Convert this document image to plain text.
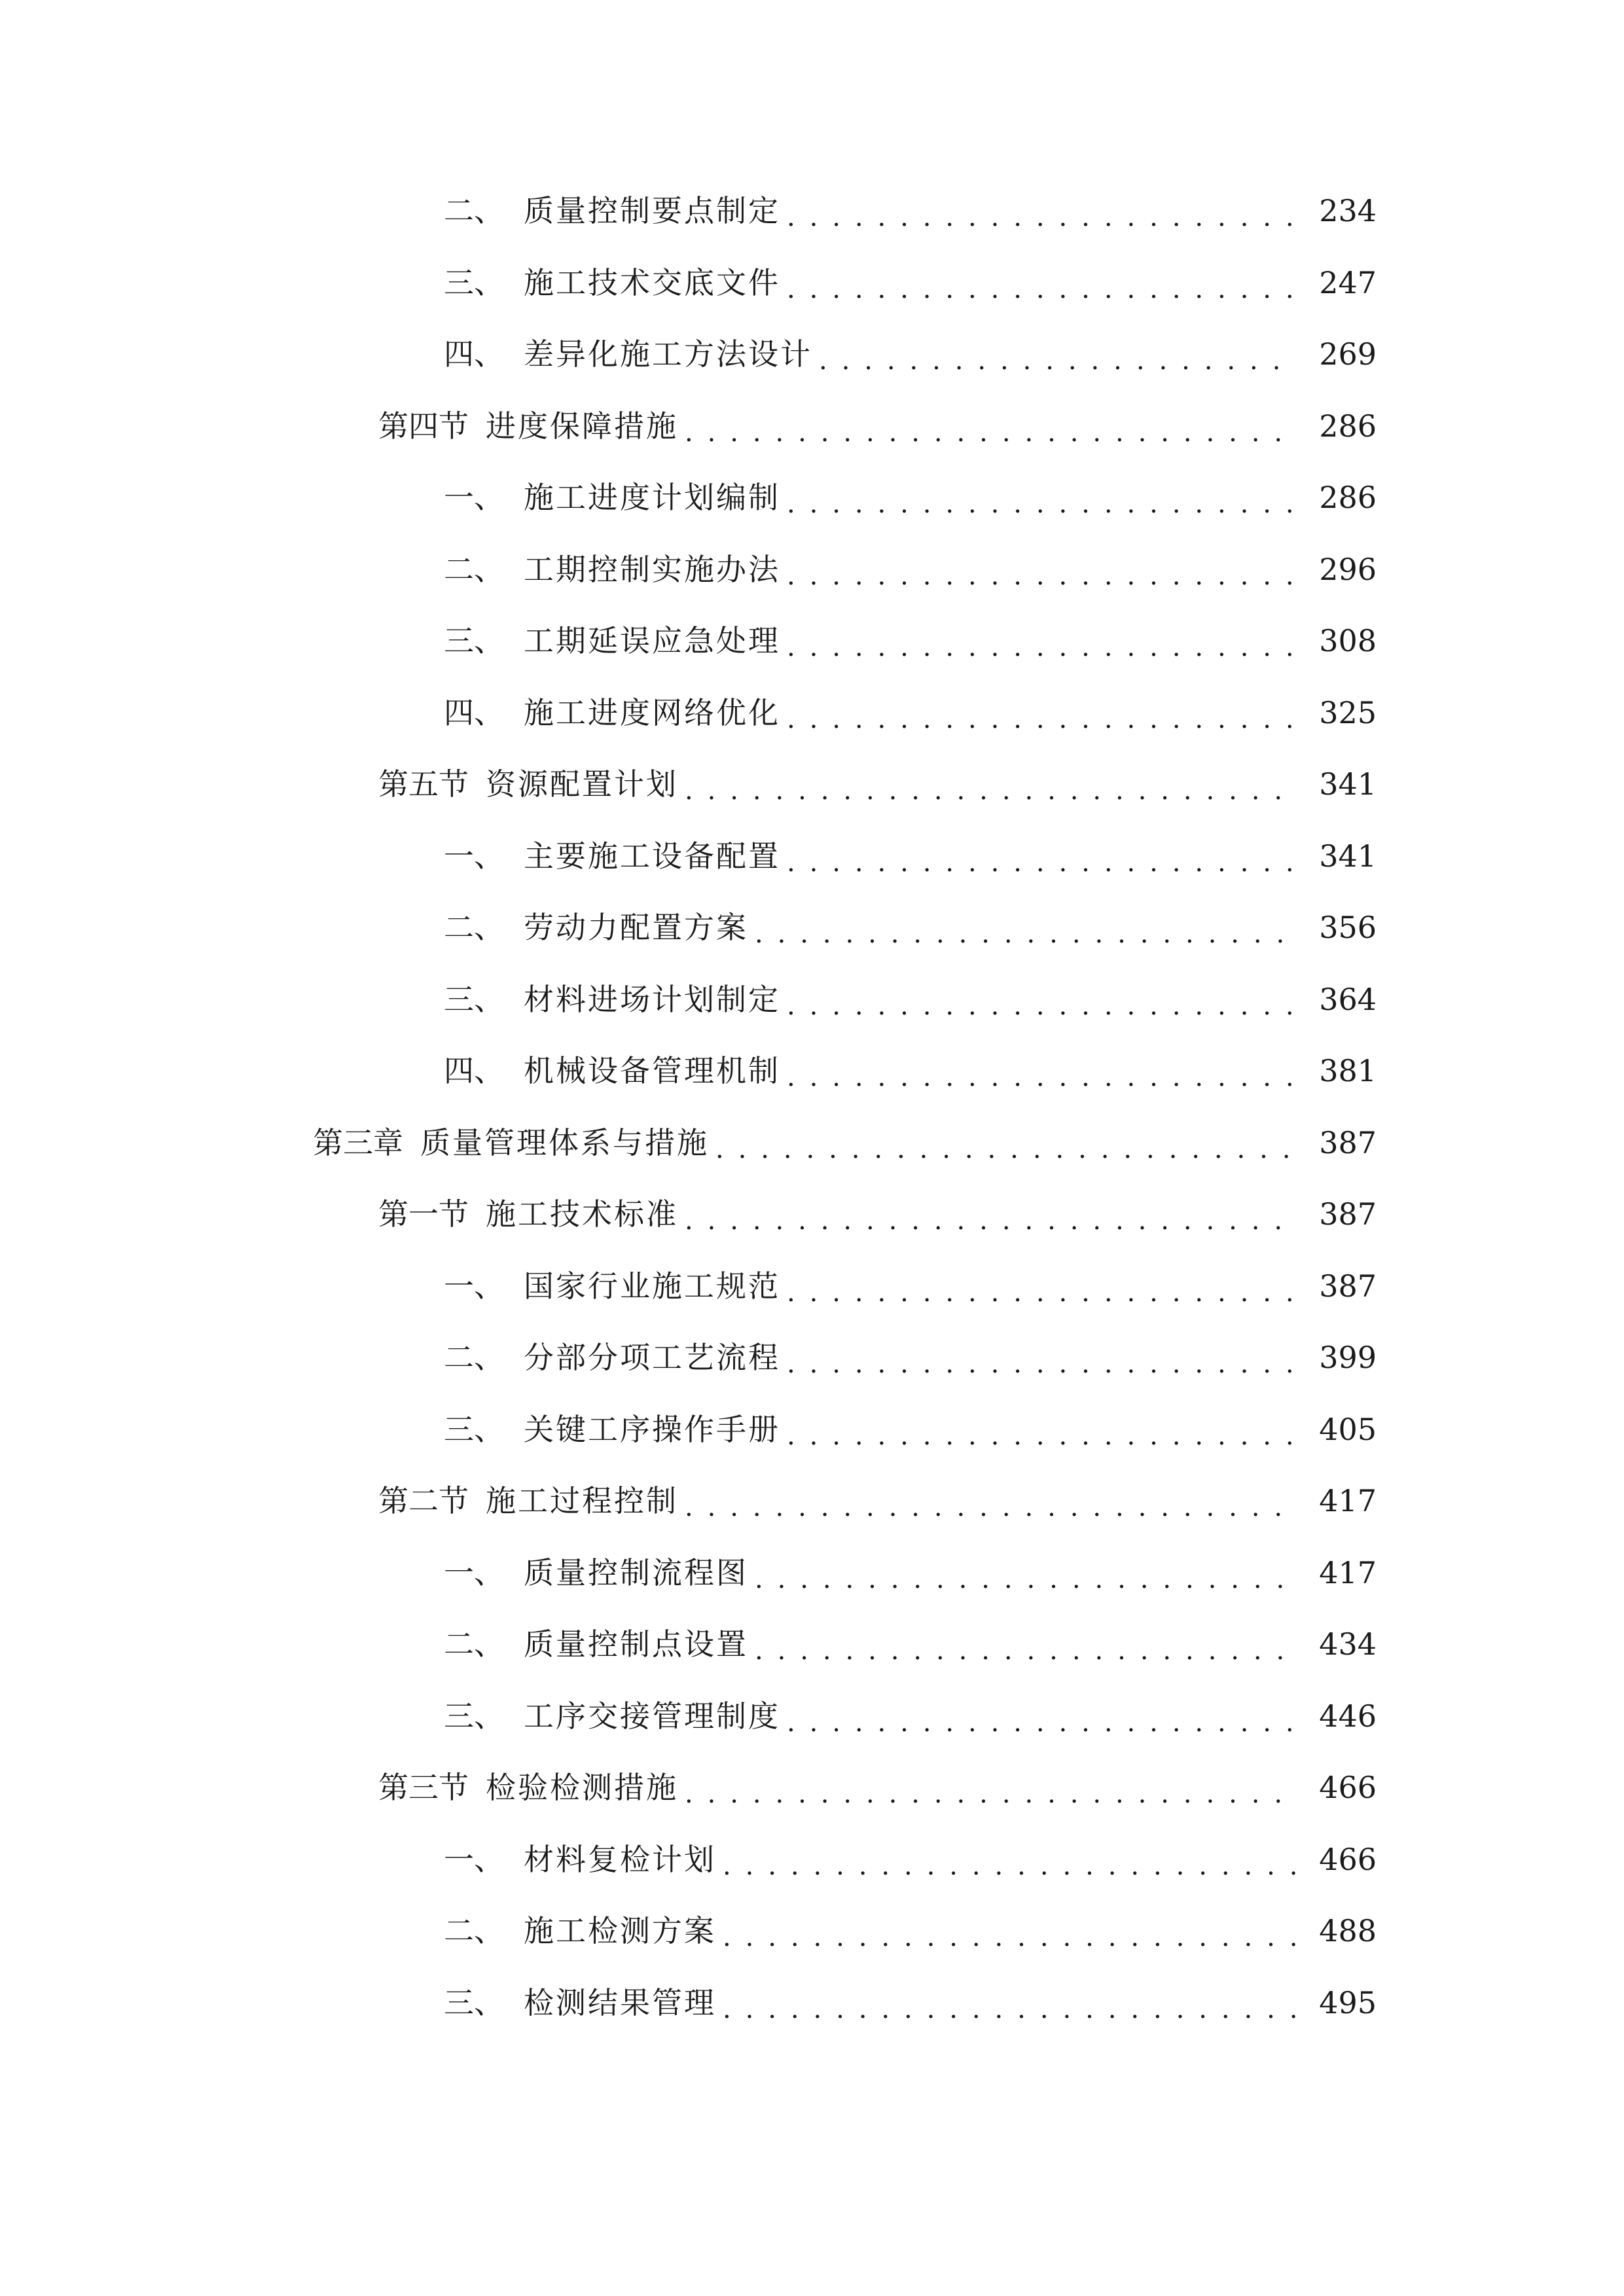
二、 质量控制要点制定 . . .	234
三、 施工技术交底文件 . . .	247
四、 差异化施工方法设计 . . .	269
第四节 进度保障措施 . . .	286
一、 施工进度计划编制 . . .	286
二、 工期控制实施办法 . . .	296
三、 工期延误应急处理 . . .	308
四、 施工进度网络优化 . . .	325
第五节 资源配置计划 . . .	341
一、 主要施工设备配置 . . .	341
二、 劳动力配置方案 . . .	356
三、 材料进场计划制定 . . .	364
四、 机械设备管理机制 . . .	381
第三章 质量管理体系与措施 . . .	387
第一节 施工技术标准 . . .	387
一、 国家行业施工规范 . . .	387
二、 分部分项工艺流程 . . .	399
三、 关键工序操作手册 . . .	405
第二节 施工过程控制 . . .	417
一、 质量控制流程图 . . .	417
二、 质量控制点设置 . . .	434
三、 工序交接管理制度 . . .	446
第三节 检验检测措施 . . .	466
一、 材料复检计划 . . .	466
二、 施工检测方案 . . .	488
三、 检测结果管理 . . .	495
